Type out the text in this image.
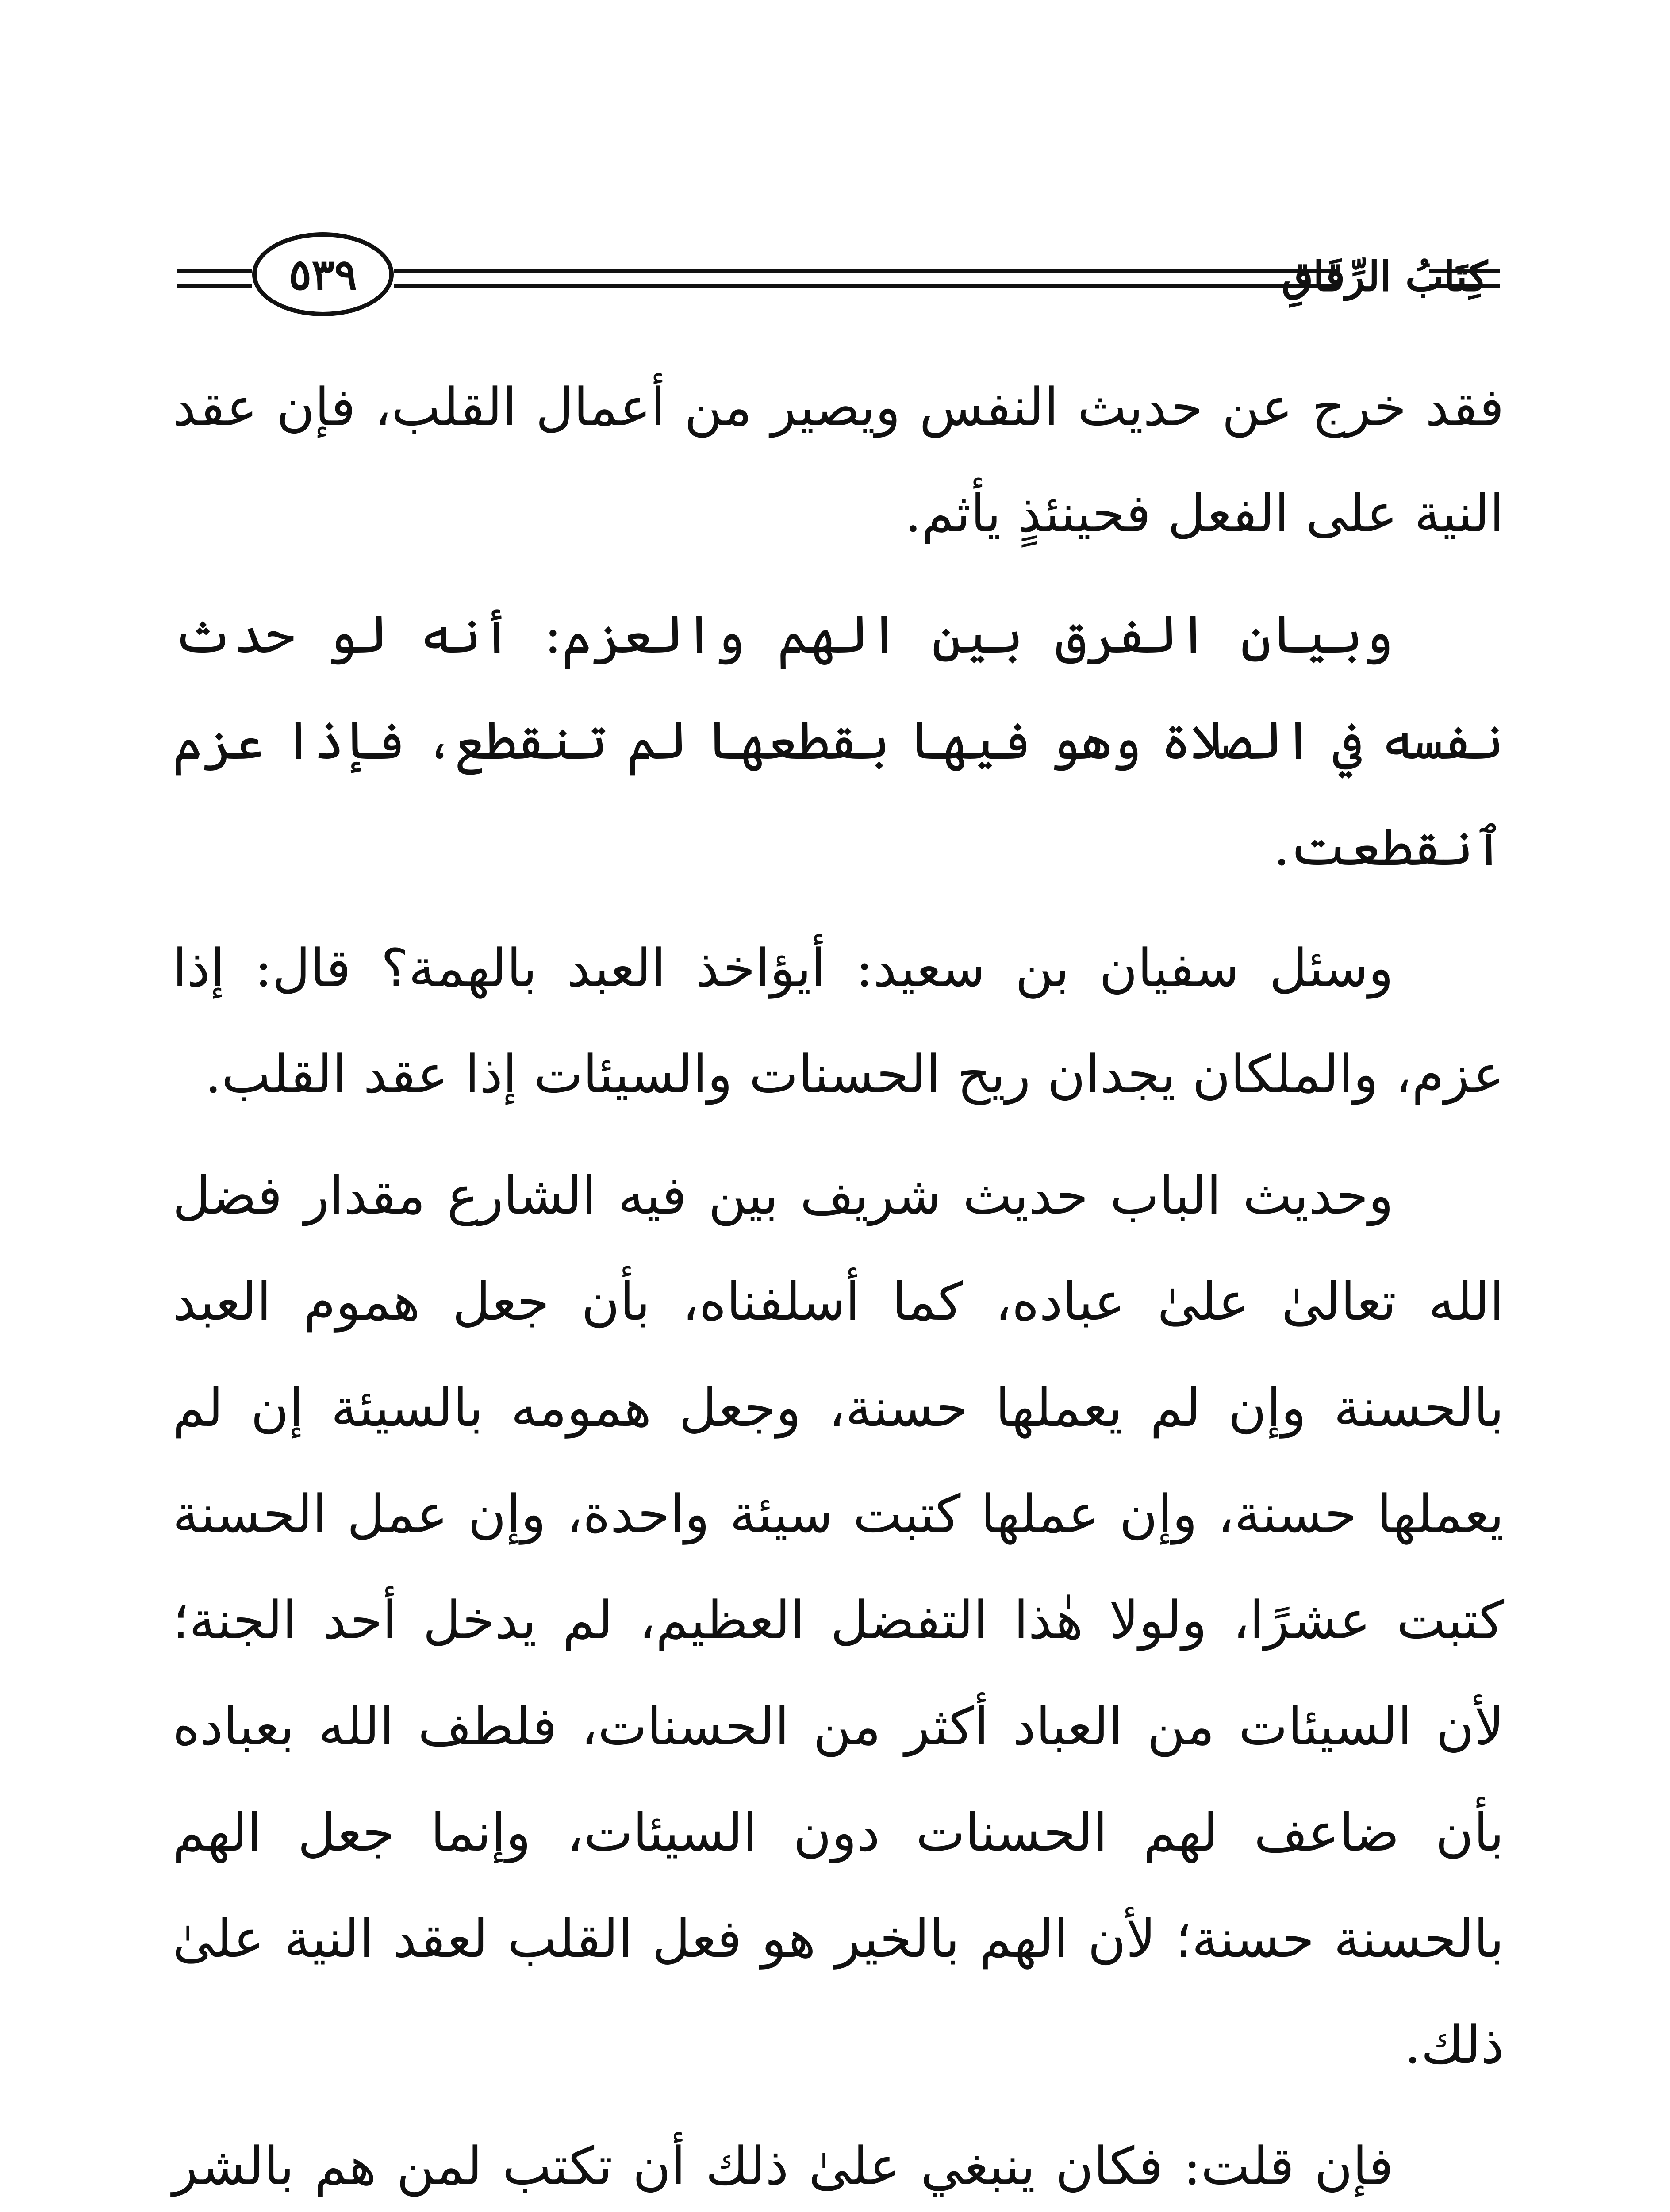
٥٣٩	كِتَابُ الرِّقَاقِ

فقد خرج عن حديث النفس ويصير من أعمال القلب، فإن عقد النية على الفعل فحينئذٍ يأثم.

وبيان الفرق بين الهم والعزم: أنه لو حدث نفسه في الصلاة وهو فيها بقطعها لم تنقطع، فإذا عزم ٱنقطعت.

وسئل سفيان بن سعيد: أيؤاخذ العبد بالهمة؟ قال: إذا عزم، والملكان يجدان ريح الحسنات والسيئات إذا عقد القلب.

وحديث الباب حديث شريف بين فيه الشارع مقدار فضل الله تعالىٰ علىٰ عباده، كما أسلفناه، بأن جعل هموم العبد بالحسنة وإن لم يعملها حسنة، وجعل همومه بالسيئة إن لم يعملها حسنة، وإن عملها كتبت سيئة واحدة، وإن عمل الحسنة كتبت عشرًا، ولولا هٰذا التفضل العظيم، لم يدخل أحد الجنة؛ لأن السيئات من العباد أكثر من الحسنات، فلطف الله بعباده بأن ضاعف لهم الحسنات دون السيئات، وإنما جعل الهم بالحسنة حسنة؛ لأن الهم بالخير هو فعل القلب لعقد النية علىٰ ذلك.

فإن قلت: فكان ينبغي علىٰ ذلك أن تكتب لمن هم بالشر
